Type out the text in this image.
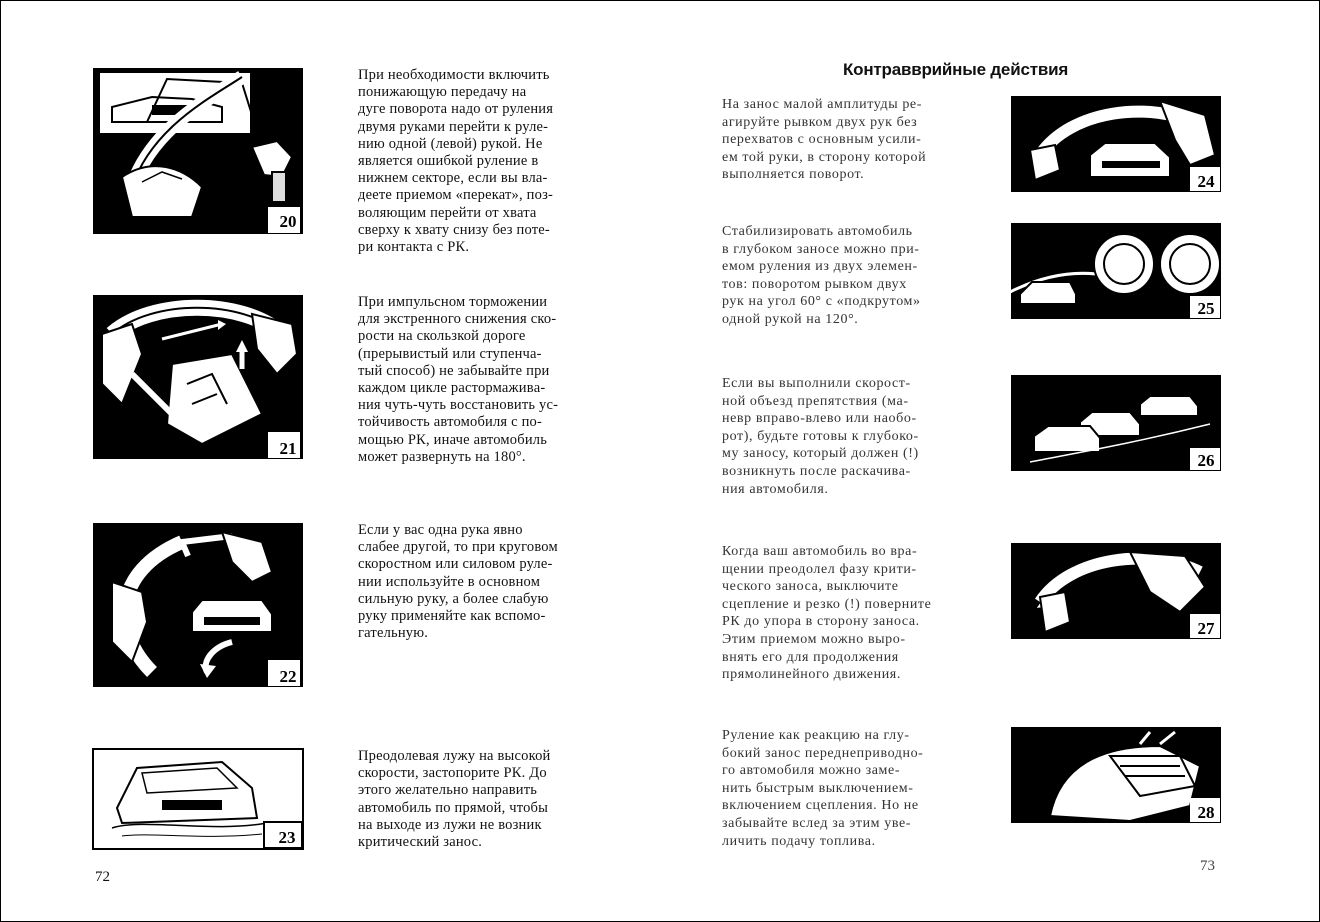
20
При необходимости включить
понижающую передачу на
дуге поворота надо от руления
двумя руками перейти к руле-
нию одной (левой) рукой. Не
является ошибкой руление в
нижнем секторе, если вы вла-
деете приемом «перекат», поз-
воляющим перейти от хвата
сверху к хвату снизу без поте-
ри контакта с РК.
21
При импульсном торможении
для экстренного снижения ско-
рости на скользкой дороге
(прерывистый или ступенча-
тый способ) не забывайте при
каждом цикле растормаживa-
ния чуть-чуть восстановить ус-
тойчивость автомобиля с по-
мощью РК, иначе автомобиль
может развернуть на 180°.
22
Если у вас одна рука явно
слабее другой, то при круговом
скоростном или силовом руле-
нии используйте в основном
сильную руку, а более слабую
руку применяйте как вспомо-
гательную.
23
Преодолевая лужу на высокой
скорости, застопорите РК. До
этого желательно направить
автомобиль по прямой, чтобы
на выходе из лужи не возник
критический занос.
72
Контраввpийные действия
На занос малой амплитуды ре-
агируйте рывком двух рук без
перехватов с основным усили-
ем той руки, в сторону которой
выполняется поворот.	24
Стабилизировать автомобиль
в глубоком заносе можно при-
емом руления из двух элемен-
тов: поворотом рывком двух
рук на угол 60° с «подкрутом»
одной рукой на 120°.
25
Если вы выполнили скорост-
ной объезд препятствия (ма-
невр вправо-влево или наобо-
рот), будьте готовы к глубоко-
му заносу, который должен (!)
возникнуть после раскачива-
ния автомобиля.
26
Когда ваш автомобиль во вра-
щении преодолел фазу крити-
ческого заноса, выключите
сцепление и резко (!) поверните
РК до упора в сторону заноса.
Этим приемом можно выро-
внять его для продолжения
прямолинейного движения.
27
Руление как реакцию на глу-
бокий занос переднеприводно-
го автомобиля можно заме-
нить быстрым выключением-
включением сцепления. Но не
забывайте вслед за этим уве-
личить подачу топлива.
28
73
